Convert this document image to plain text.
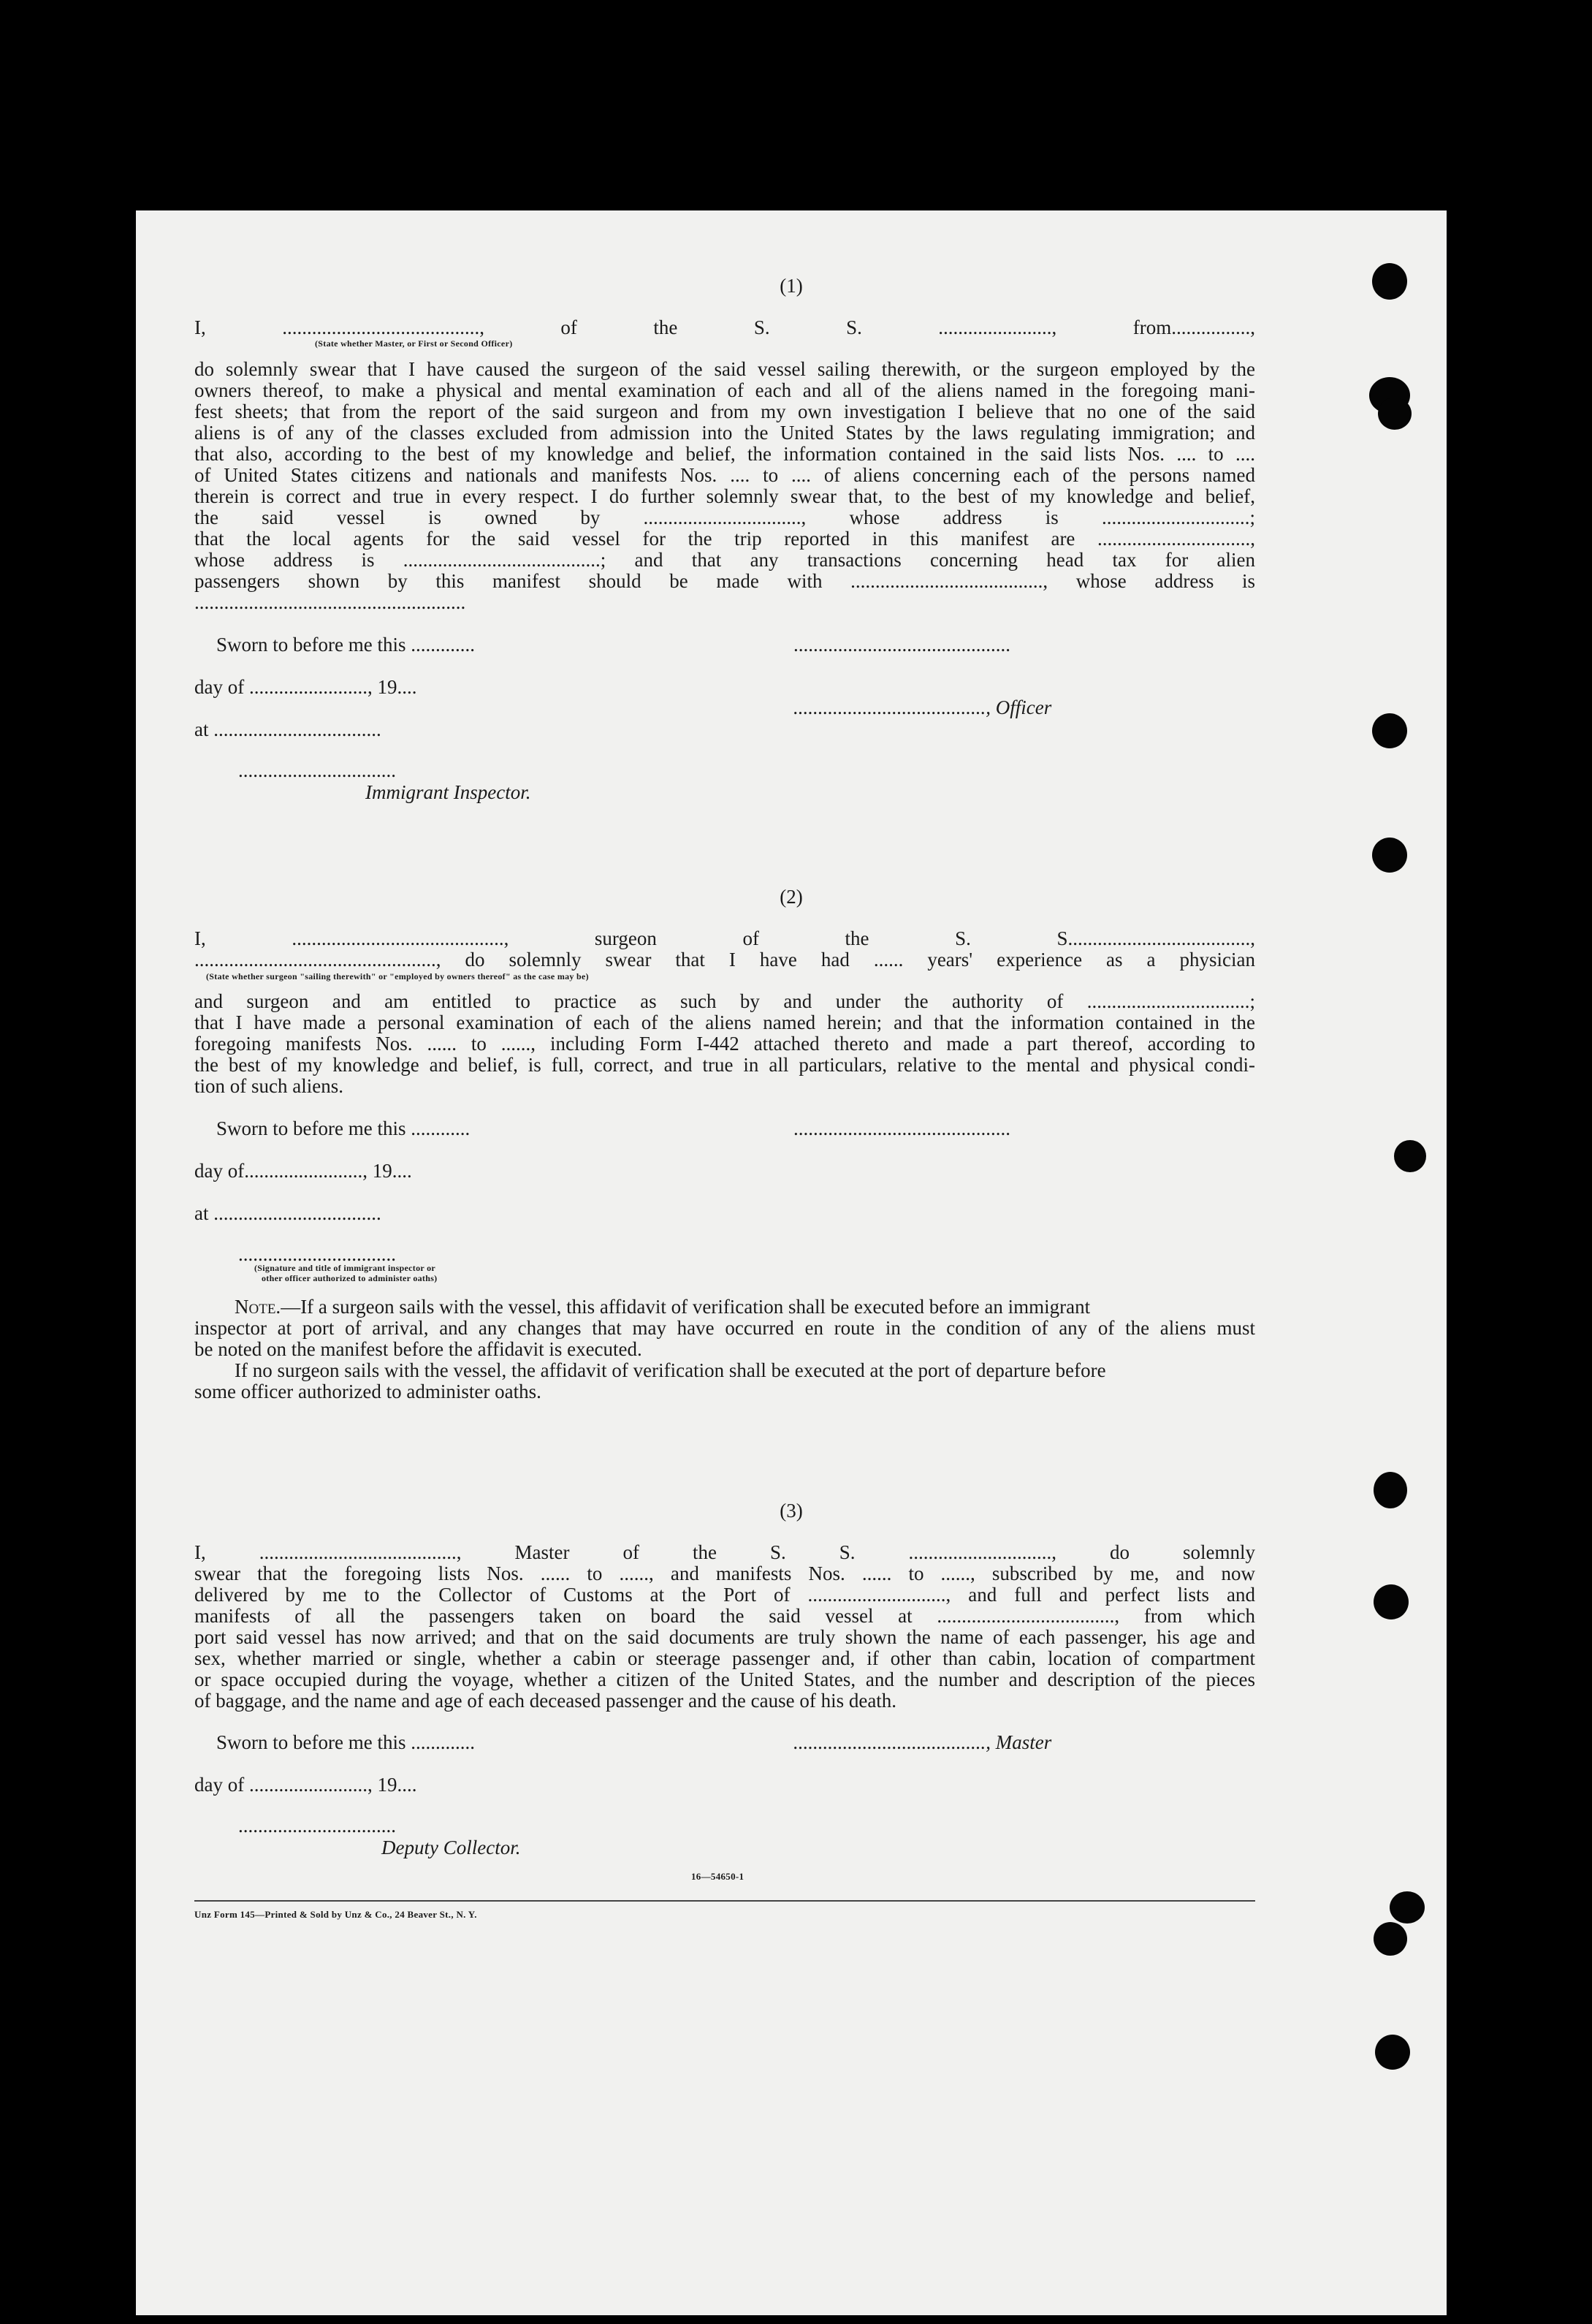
(1)
I, ........................................, of the S. S. ......................., from................,
(State whether Master, or First or Second Officer)
do solemnly swear that I have caused the surgeon of the said vessel sailing therewith, or the surgeon employed by the
owners thereof, to make a physical and mental examination of each and all of the aliens named in the foregoing mani-
fest sheets; that from the report of the said surgeon and from my own investigation I believe that no one of the said
aliens is of any of the classes excluded from admission into the United States by the laws regulating immigration; and
that also, according to the best of my knowledge and belief, the information contained in the said lists Nos. .... to ....
of United States citizens and nationals and manifests Nos. .... to .... of aliens concerning each of the persons named
therein is correct and true in every respect. I do further solemnly swear that, to the best of my knowledge and belief,
the said vessel is owned by ................................, whose address is ..............................;
that the local agents for the said vessel for the trip reported in this manifest are ...............................,
whose address is ........................................; and that any transactions concerning head tax for alien
passengers shown by this manifest should be made with ......................................., whose address is
.......................................................
Sworn to before me this .............	............................................
day of ........................, 19....
......................................., Officer
at ..................................
................................
Immigrant Inspector.
(2)
I, ..........................................., surgeon of the S. S.....................................,
................................................., do solemnly swear that I have had ...... years' experience as a physician
(State whether surgeon "sailing therewith" or "employed by owners thereof" as the case may be)
and surgeon and am entitled to practice as such by and under the authority of .................................;
that I have made a personal examination of each of the aliens named herein; and that the information contained in the
foregoing manifests Nos. ...... to ......, including Form I-442 attached thereto and made a part thereof, according to
the best of my knowledge and belief, is full, correct, and true in all particulars, relative to the mental and physical condi-
tion of such aliens.
Sworn to before me this ............	............................................
day of........................, 19....
at ..................................
................................
(Signature and title of immigrant inspector or
other officer authorized to administer oaths)
Note.—If a surgeon sails with the vessel, this affidavit of verification shall be executed before an immigrant
inspector at port of arrival, and any changes that may have occurred en route in the condition of any of the aliens must
be noted on the manifest before the affidavit is executed.
If no surgeon sails with the vessel, the affidavit of verification shall be executed at the port of departure before
some officer authorized to administer oaths.
(3)
I, ........................................, Master of the S. S. ............................., do solemnly
swear that the foregoing lists Nos. ...... to ......, and manifests Nos. ...... to ......, subscribed by me, and now
delivered by me to the Collector of Customs at the Port of ............................, and full and perfect lists and
manifests of all the passengers taken on board the said vessel at ...................................., from which
port said vessel has now arrived; and that on the said documents are truly shown the name of each passenger, his age and
sex, whether married or single, whether a cabin or steerage passenger and, if other than cabin, location of compartment
or space occupied during the voyage, whether a citizen of the United States, and the number and description of the pieces
of baggage, and the name and age of each deceased passenger and the cause of his death.
Sworn to before me this .............	......................................., Master
day of ........................, 19....
................................
Deputy Collector.
16—54650-1
Unz Form 145—Printed & Sold by Unz & Co., 24 Beaver St., N. Y.
